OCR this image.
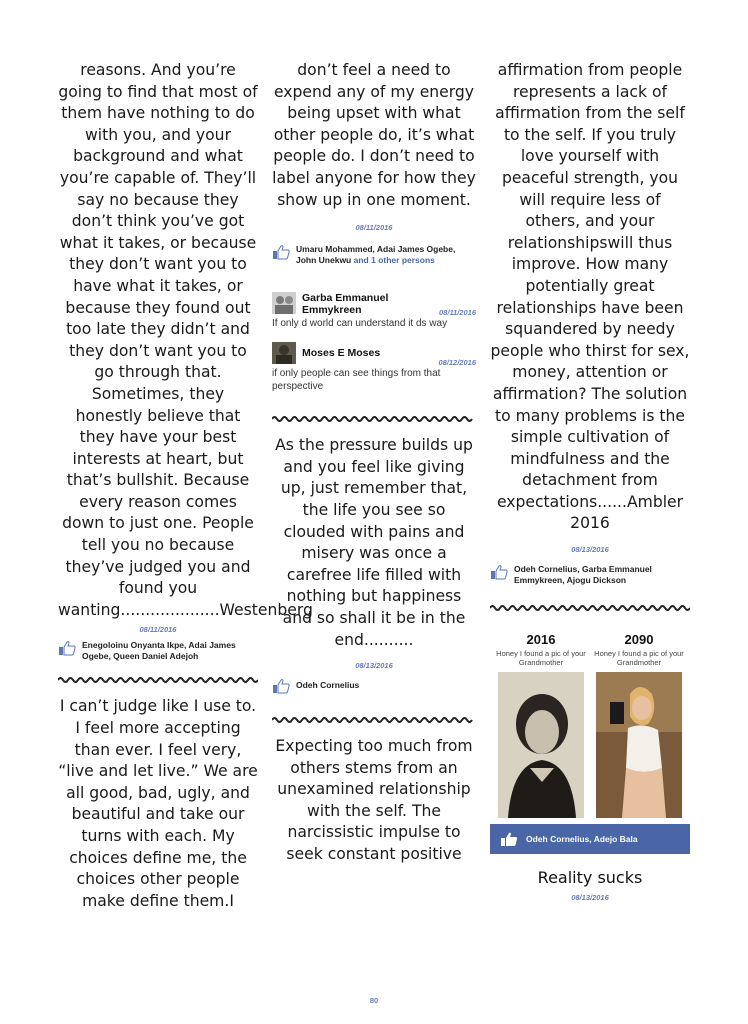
reasons. And you’re going to find that most of them have nothing to do with you, and your background and what you’re capable of. They’ll say no because they don’t think you’ve got what it takes, or because they don’t want you to have what it takes, or because they found out too late they didn’t and they don’t want you to go through that. Sometimes, they honestly believe that they have your best interests at heart, but that’s bullshit. Because every reason comes down to just one. People tell you no because they’ve judged you and found you wanting....................Westenberg

08/11/2016
Enegoloinu Onyanta Ikpe, Adai James Ogebe, Queen Daniel Adejoh

I can’t judge like I use to. I feel more accepting than ever. I feel very, “live and let live.” We are all good, bad, ugly, and beautiful and take our turns with each. My choices define me, the choices other people make define them.I

don’t feel a need to expend any of my energy being upset with what other people do, it’s what people do. I don’t need to label anyone for how they show up in one moment.

08/11/2016
Umaru Mohammed, Adai James Ogebe, John Unekwu and 1 other persons
Garba Emmanuel Emmykreen	08/11/2016
If only d world can understand it ds way
Moses E Moses
08/12/2016
if only people can see things from that perspective

As the pressure builds up and you feel like giving up, just remember that, the life you see so clouded with pains and misery was once a carefree life filled with nothing but happiness and so shall it be in the end..........

08/13/2016
Odeh Cornelius

Expecting too much from others stems from an unexamined relationship with the self. The narcissistic impulse to seek constant positive

affirmation from people represents a lack of affirmation from the self to the self. If you truly love yourself with peaceful strength, you will require less of others, and your relationshipswill thus improve. How many potentially great relationships have been squandered by needy people who thirst for sex, money, attention or affirmation? The solution to many problems is the simple cultivation of mindfulness and the detachment from expectations......Ambler 2016

08/13/2016
Odeh Cornelius, Garba Emmanuel Emmykreen, Ajogu Dickson
2016
Honey I found a pic of your Grandmother
2090
Honey I found a pic of your Grandmother
Odeh Cornelius, Adejo Bala
Reality sucks
08/13/2016
80
